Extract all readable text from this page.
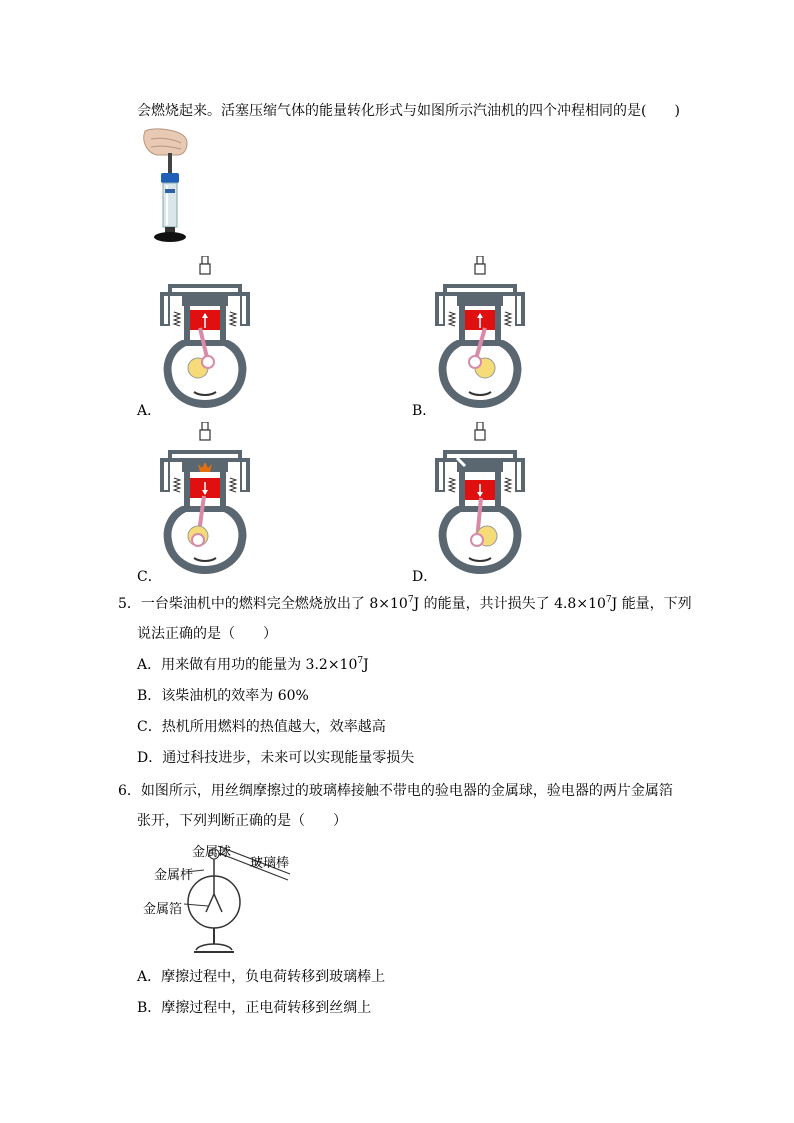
会燃烧起来。活塞压缩气体的能量转化形式与如图所示汽油机的四个冲程相同的是(　　)
A．	B．
C．	D．
5．一台柴油机中的燃料完全燃烧放出了 $8\times 10^7J$ 的能量，共计损失了 $4.8\times 10^7J$ 能量，下列
说法正确的是（　　）
A．用来做有用功的能量为 $3.2\times 10^7J$
B．该柴油机的效率为 60%
C．热机所用燃料的热值越大，效率越高
D．通过科技进步，未来可以实现能量零损失
6．如图所示，用丝绸摩擦过的玻璃棒接触不带电的验电器的金属球，验电器的两片金属箔
张开，下列判断正确的是（　　）
金属球
金属杆
玻璃棒
金属箔
A．摩擦过程中，负电荷转移到玻璃棒上
B．摩擦过程中，正电荷转移到丝绸上
